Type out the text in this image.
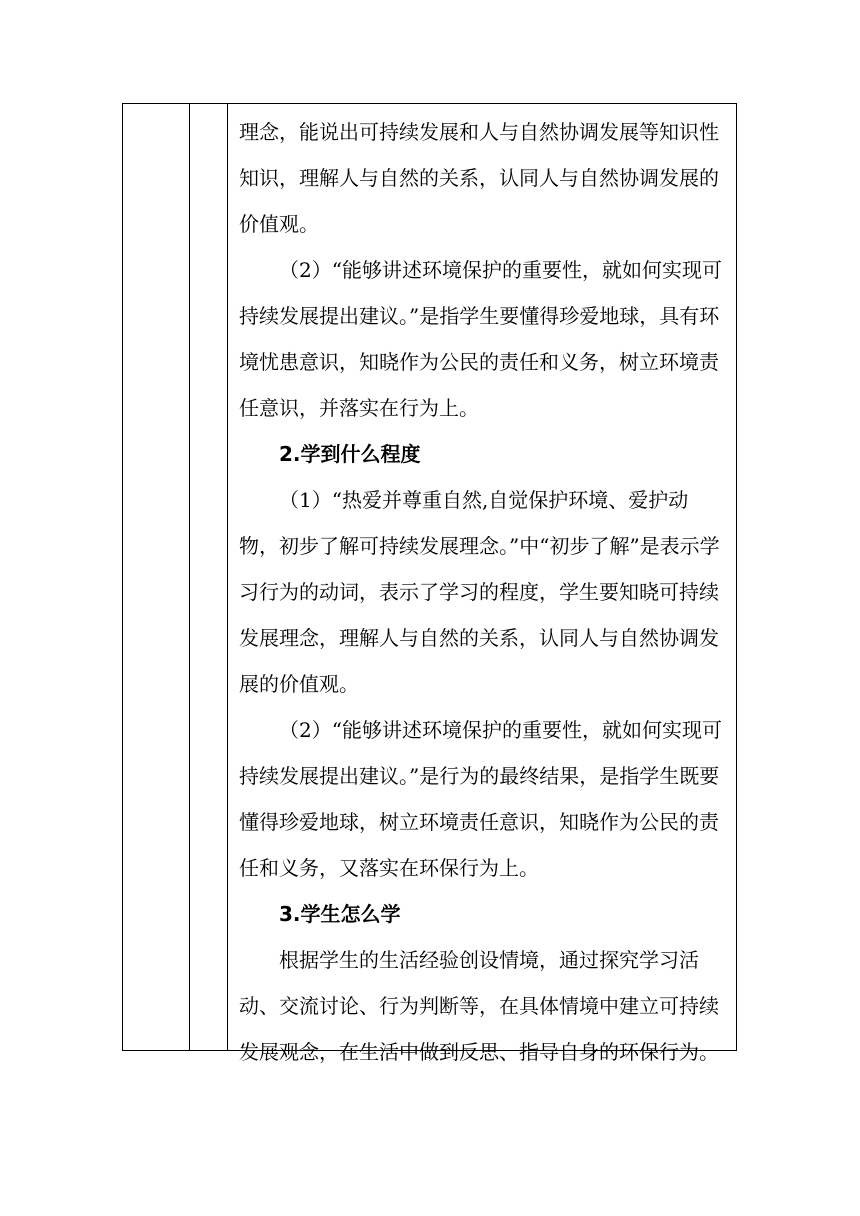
理念，能说出可持续发展和人与自然协调发展等知识性知识，理解人与自然的关系，认同人与自然协调发展的价值观。

（2）“能够讲述环境保护的重要性，就如何实现可持续发展提出建议。”是指学生要懂得珍爱地球，具有环境忧患意识，知晓作为公民的责任和义务，树立环境责任意识，并落实在行为上。

2.学到什么程度

（1）“热爱并尊重自然,自觉保护环境、爱护动物，初步了解可持续发展理念。”中“初步了解”是表示学习行为的动词，表示了学习的程度，学生要知晓可持续发展理念，理解人与自然的关系，认同人与自然协调发展的价值观。

（2）“能够讲述环境保护的重要性，就如何实现可持续发展提出建议。”是行为的最终结果，是指学生既要懂得珍爱地球，树立环境责任意识，知晓作为公民的责任和义务，又落实在环保行为上。

3.学生怎么学

根据学生的生活经验创设情境，通过探究学习活动、交流讨论、行为判断等，在具体情境中建立可持续发展观念，在生活中做到反思、指导自身的环保行为。
